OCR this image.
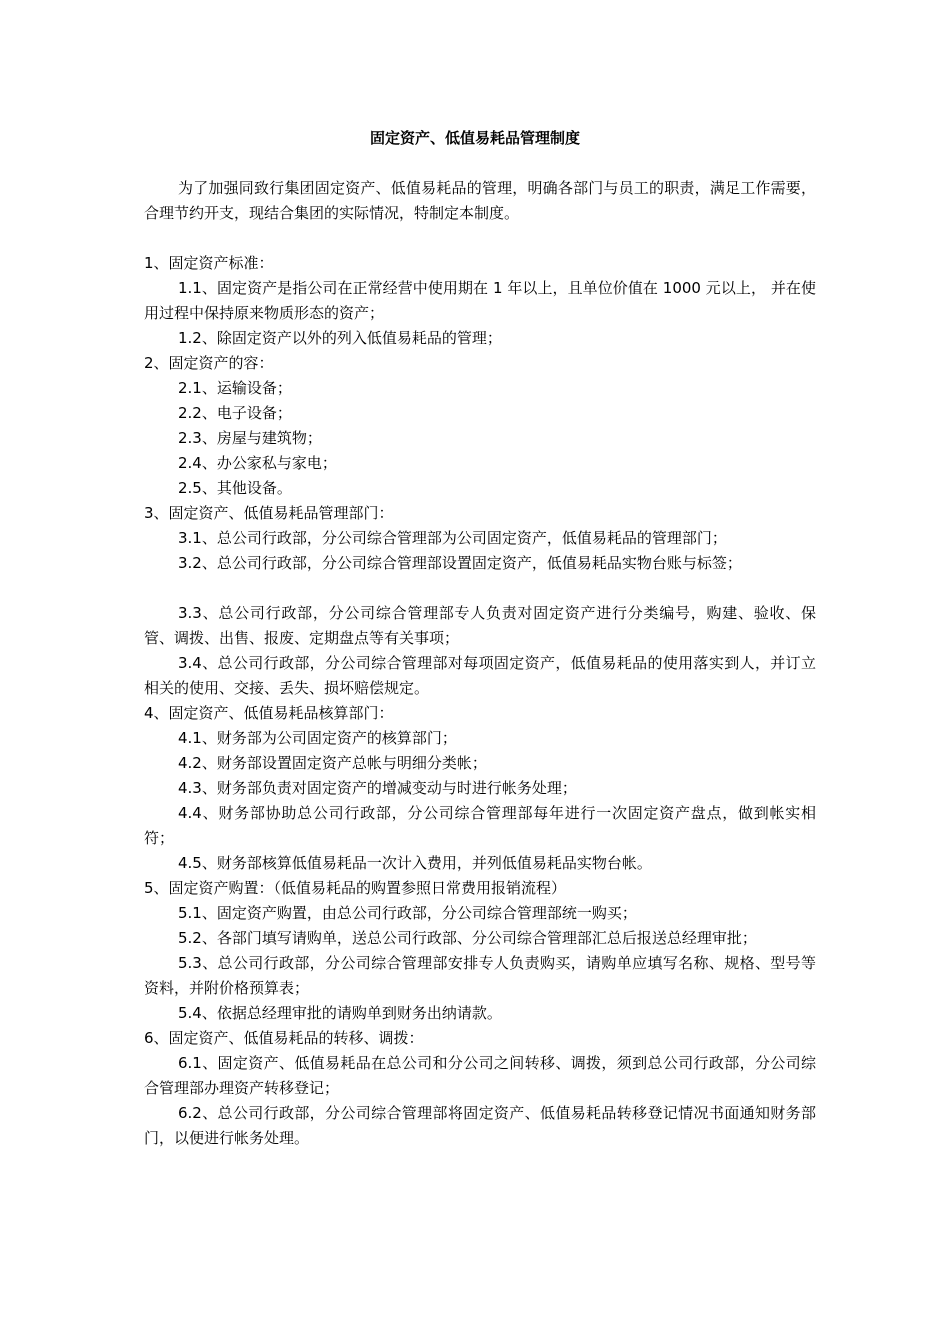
固定资产、低值易耗品管理制度

为了加强同致行集团固定资产、低值易耗品的管理，明确各部门与员工的职责，满足工作需要，合理节约开支，现结合集团的实际情况，特制定本制度。

1、固定资产标准：

1.1、固定资产是指公司在正常经营中使用期在 1 年以上，且单位价值在 1000 元以上， 并在使用过程中保持原来物质形态的资产；

1.2、除固定资产以外的列入低值易耗品的管理；

2、固定资产的容：

2.1、运输设备；

2.2、电子设备；

2.3、房屋与建筑物；

2.4、办公家私与家电；

2.5、其他设备。

3、固定资产、低值易耗品管理部门：

3.1、总公司行政部，分公司综合管理部为公司固定资产，低值易耗品的管理部门；

3.2、总公司行政部，分公司综合管理部设置固定资产，低值易耗品实物台账与标签；

3.3、总公司行政部，分公司综合管理部专人负责对固定资产进行分类编号，购建、验收、保管、调拨、出售、报废、定期盘点等有关事项；

3.4、总公司行政部，分公司综合管理部对每项固定资产，低值易耗品的使用落实到人，并订立相关的使用、交接、丢失、损坏赔偿规定。

4、固定资产、低值易耗品核算部门：

4.1、财务部为公司固定资产的核算部门；

4.2、财务部设置固定资产总帐与明细分类帐；

4.3、财务部负责对固定资产的增减变动与时进行帐务处理；

4.4、财务部协助总公司行政部，分公司综合管理部每年进行一次固定资产盘点，做到帐实相符；

4.5、财务部核算低值易耗品一次计入费用，并列低值易耗品实物台帐。

5、固定资产购置：（低值易耗品的购置参照日常费用报销流程）

5.1、固定资产购置，由总公司行政部，分公司综合管理部统一购买；

5.2、各部门填写请购单，送总公司行政部、分公司综合管理部汇总后报送总经理审批；

5.3、总公司行政部，分公司综合管理部安排专人负责购买，请购单应填写名称、规格、型号等资料，并附价格预算表；

5.4、依据总经理审批的请购单到财务出纳请款。

6、固定资产、低值易耗品的转移、调拨：

6.1、固定资产、低值易耗品在总公司和分公司之间转移、调拨，须到总公司行政部，分公司综合管理部办理资产转移登记；

6.2、总公司行政部，分公司综合管理部将固定资产、低值易耗品转移登记情况书面通知财务部门，以便进行帐务处理。
